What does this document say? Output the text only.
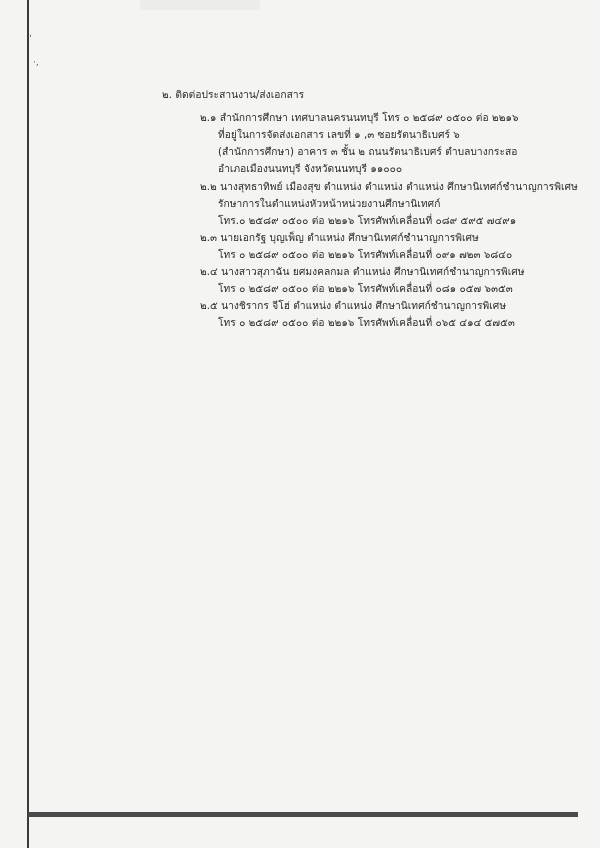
‚
·,
๒. ติดต่อประสานงาน/ส่งเอกสาร
๒.๑ สำนักการศึกษา เทศบาลนครนนทบุรี โทร ๐ ๒๕๘๙ ๐๕๐๐ ต่อ ๒๒๑๖
ที่อยู่ในการจัดส่งเอกสาร เลขที่ ๑ ,๓ ซอยรัตนาธิเบศร์ ๖
(สำนักการศึกษา) อาคาร ๓ ชั้น ๒ ถนนรัตนาธิเบศร์ ตำบลบางกระสอ
อำเภอเมืองนนทบุรี จังหวัดนนทบุรี ๑๑๐๐๐
๒.๒ นางสุทธาทิพย์ เมืองสุข ตำแหน่ง ตำแหน่ง ตำแหน่ง ศึกษานิเทศก์ชำนาญการพิเศษ
รักษาการในตำแหน่งหัวหน้าหน่วยงานศึกษานิเทศก์
โทร.๐ ๒๕๘๙ ๐๕๐๐ ต่อ ๒๒๑๖ โทรศัพท์เคลื่อนที่ ๐๘๙ ๕๙๕ ๗๔๙๑
๒.๓ นายเอกรัฐ บุญเพ็ญ ตำแหน่ง ศึกษานิเทศก์ชำนาญการพิเศษ
โทร ๐ ๒๕๘๙ ๐๕๐๐ ต่อ ๒๒๑๖ โทรศัพท์เคลื่อนที่ ๐๙๑ ๗๒๓ ๖๘๔๐
๒.๔ นางสาวสุภาฉัน ยศมงคลกมล ตำแหน่ง ศึกษานิเทศก์ชำนาญการพิเศษ
โทร ๐ ๒๕๘๙ ๐๕๐๐ ต่อ ๒๒๑๖ โทรศัพท์เคลื่อนที่ ๐๘๑ ๐๕๗ ๖๓๕๓
๒.๕ นางชิรากร จีโฮ่ ตำแหน่ง ตำแหน่ง ศึกษานิเทศก์ชำนาญการพิเศษ
โทร ๐ ๒๕๘๙ ๐๕๐๐ ต่อ ๒๒๑๖ โทรศัพท์เคลื่อนที่ ๐๖๕ ๔๑๔ ๕๗๕๓
